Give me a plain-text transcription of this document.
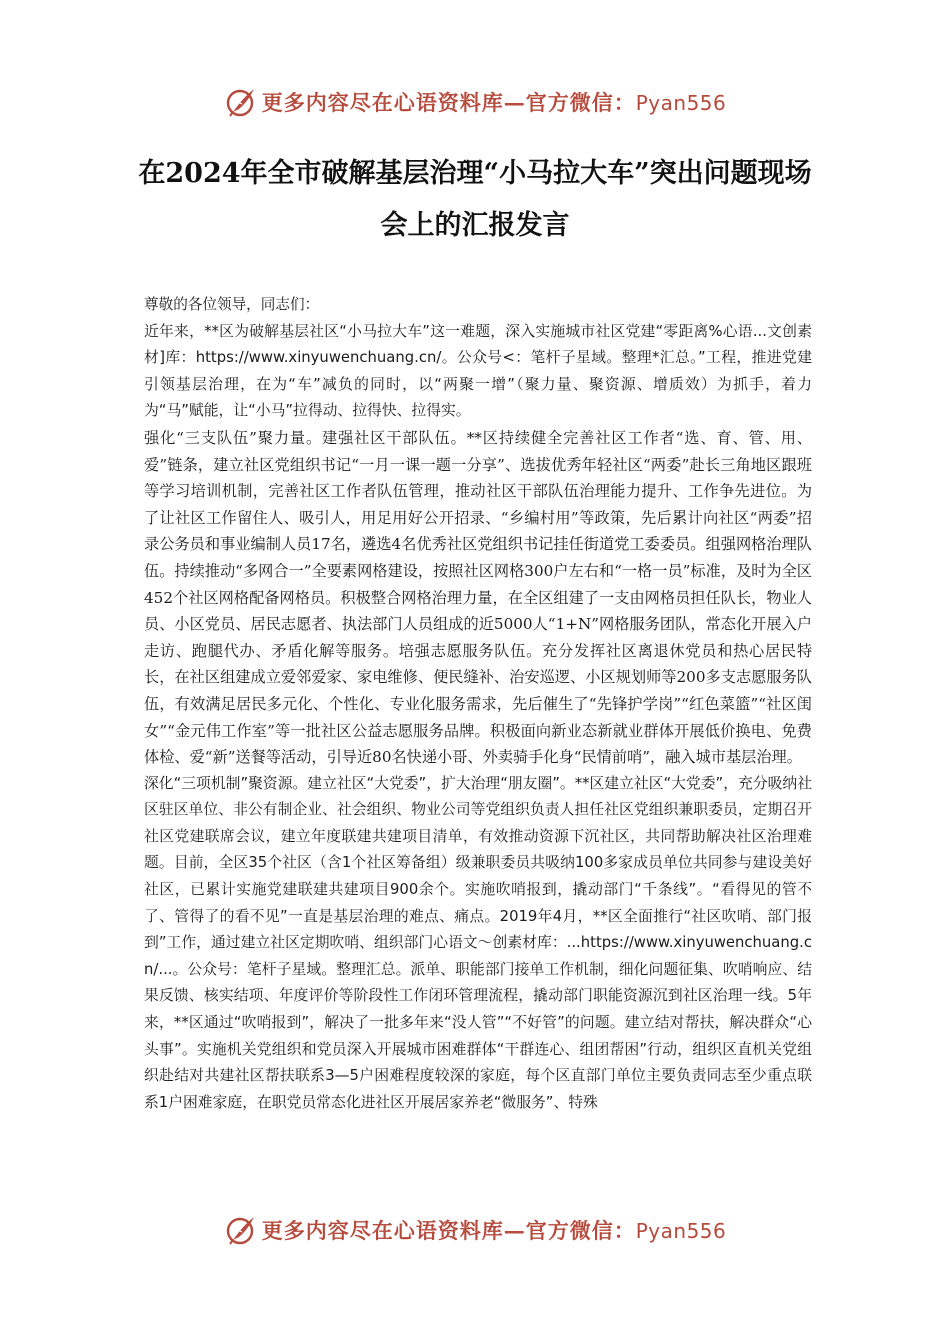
更多内容尽在心语资料库—官方微信：Pyan556
在2024年全市破解基层治理“小马拉大车”突出问题现场会上的汇报发言

尊敬的各位领导，同志们：

近年来，**区为破解基层社区“小马拉大车”这一难题，深入实施城市社区党建“零距离%心语...文创素材]库：https://www.xinyuwenchuang.cn/。公众号<：笔杆子星域。整理*汇总。”工程，推进党建引领基层治理，在为“车”减负的同时，以“两聚一增”（聚力量、聚资源、增质效）为抓手，着力为“马”赋能，让“小马”拉得动、拉得快、拉得实。

强化“三支队伍”聚力量。建强社区干部队伍。**区持续健全完善社区工作者“选、育、管、用、爱”链条，建立社区党组织书记“一月一课一题一分享”、选拔优秀年轻社区“两委”赴长三角地区跟班等学习培训机制，完善社区工作者队伍管理，推动社区干部队伍治理能力提升、工作争先进位。为了让社区工作留住人、吸引人，用足用好公开招录、“乡编村用”等政策，先后累计向社区“两委”招录公务员和事业编制人员17名，遴选4名优秀社区党组织书记挂任街道党工委委员。组强网格治理队伍。持续推动“多网合一”全要素网格建设，按照社区网格300户左右和“一格一员”标准，及时为全区452个社区网格配备网格员。积极整合网格治理力量，在全区组建了一支由网格员担任队长，物业人员、小区党员、居民志愿者、执法部门人员组成的近5000人“1+N”网格服务团队，常态化开展入户走访、跑腿代办、矛盾化解等服务。培强志愿服务队伍。充分发挥社区离退休党员和热心居民特长，在社区组建成立爱邻爱家、家电维修、便民缝补、治安巡逻、小区规划师等200多支志愿服务队伍，有效满足居民多元化、个性化、专业化服务需求，先后催生了“先锋护学岗”“红色菜篮”“社区闺女”“金元伟工作室”等一批社区公益志愿服务品牌。积极面向新业态新就业群体开展低价换电、免费体检、爱“新”送餐等活动，引导近80名快递小哥、外卖骑手化身“民情前哨”，融入城市基层治理。

深化“三项机制”聚资源。建立社区“大党委”，扩大治理“朋友圈”。**区建立社区“大党委”，充分吸纳社区驻区单位、非公有制企业、社会组织、物业公司等党组织负责人担任社区党组织兼职委员，定期召开社区党建联席会议，建立年度联建共建项目清单，有效推动资源下沉社区，共同帮助解决社区治理难题。目前，全区35个社区（含1个社区筹备组）级兼职委员共吸纳100多家成员单位共同参与建设美好社区，已累计实施党建联建共建项目900余个。实施吹哨报到，撬动部门“千条线”。“看得见的管不了、管得了的看不见”一直是基层治理的难点、痛点。2019年4月，**区全面推行“社区吹哨、部门报到”工作，通过建立社区定期吹哨、组织部门心语文～创素材库：...https://www.xinyuwenchuang.cn/...。公众号：笔杆子星域。整理汇总。派单、职能部门接单工作机制，细化问题征集、吹哨响应、结果反馈、核实结项、年度评价等阶段性工作闭环管理流程，撬动部门职能资源沉到社区治理一线。5年来，**区通过“吹哨报到”，解决了一批多年来“没人管”“不好管”的问题。建立结对帮扶，解决群众“心头事”。实施机关党组织和党员深入开展城市困难群体“干群连心、组团帮困”行动，组织区直机关党组织赴结对共建社区帮扶联系3—5户困难程度较深的家庭，每个区直部门单位主要负责同志至少重点联系1户困难家庭，在职党员常态化进社区开展居家养老“微服务”、特殊

更多内容尽在心语资料库—官方微信：Pyan556
